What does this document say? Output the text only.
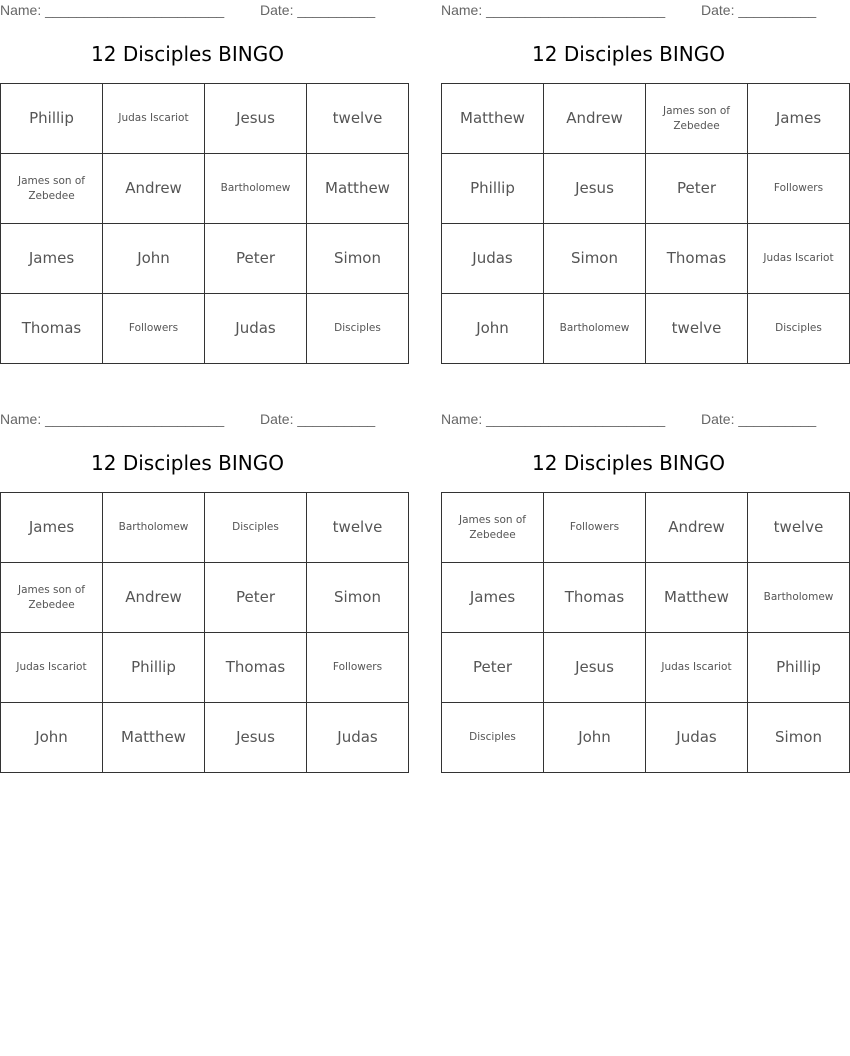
Name: _______________________	Date: __________
12 Disciples BINGO
Phillip	Judas Iscariot	Jesus	twelve
James son of Zebedee	Andrew	Bartholomew	Matthew
James	John	Peter	Simon
Thomas	Followers	Judas	Disciples
Name: _______________________	Date: __________
12 Disciples BINGO
Matthew	Andrew	James son of Zebedee	James
Phillip	Jesus	Peter	Followers
Judas	Simon	Thomas	Judas Iscariot
John	Bartholomew	twelve	Disciples
Name: _______________________	Date: __________
12 Disciples BINGO
James	Bartholomew	Disciples	twelve
James son of Zebedee	Andrew	Peter	Simon
Judas Iscariot	Phillip	Thomas	Followers
John	Matthew	Jesus	Judas
Name: _______________________	Date: __________
12 Disciples BINGO
James son of Zebedee	Followers	Andrew	twelve
James	Thomas	Matthew	Bartholomew
Peter	Jesus	Judas Iscariot	Phillip
Disciples	John	Judas	Simon
